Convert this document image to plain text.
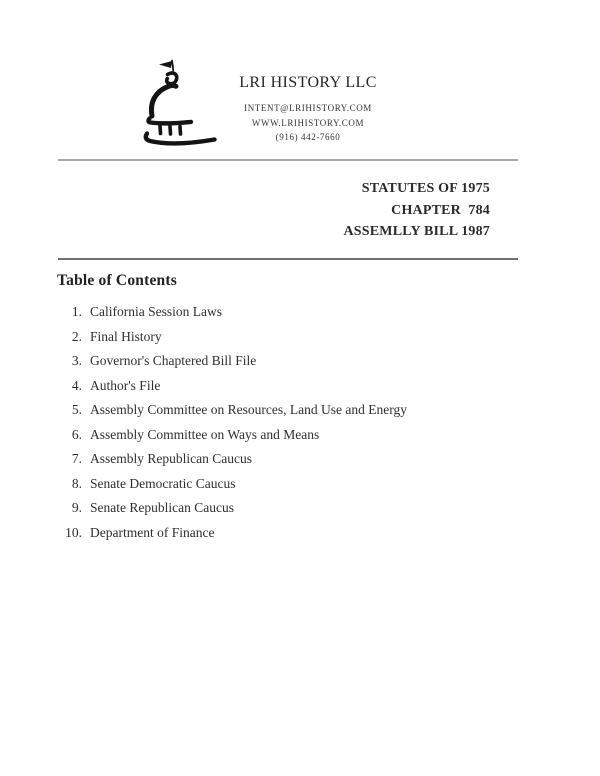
LRI HISTORY LLC
INTENT@LRIHISTORY.COM
WWW.LRIHISTORY.COM
(916) 442-7660
STATUTES OF 1975
CHAPTER  784
ASSEMLLY BILL 1987
Table of Contents
1. California Session Laws
2. Final History
3. Governor's Chaptered Bill File
4. Author's File
5. Assembly Committee on Resources, Land Use and Energy
6. Assembly Committee on Ways and Means
7. Assembly Republican Caucus
8. Senate Democratic Caucus
9. Senate Republican Caucus
10. Department of Finance
